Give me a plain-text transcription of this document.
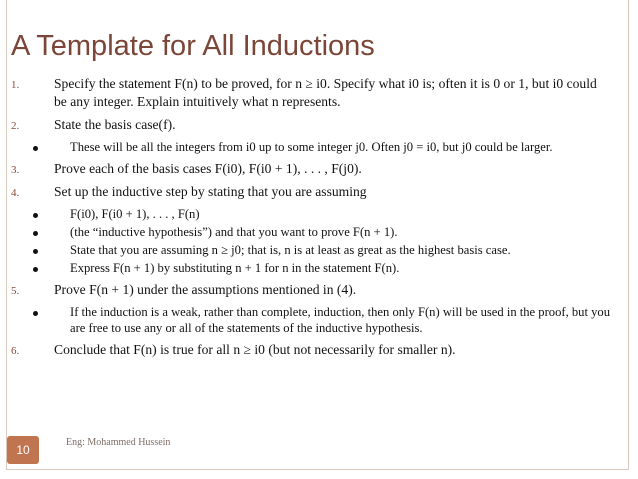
A Template for All Inductions
1.	Specify the statement F(n) to be proved, for n ≥ i0. Specify what i0 is; often it is 0 or 1, but i0 could be any integer. Explain intuitively what n represents.
2.	State the basis case(f).
These will be all the integers from i0 up to some integer j0. Often j0 = i0, but j0 could be larger.
3.	Prove each of the basis cases F(i0), F(i0 + 1), . . . , F(j0).
4.	Set up the inductive step by stating that you are assuming
F(i0), F(i0 + 1), . . . , F(n)
(the “inductive hypothesis”) and that you want to prove F(n + 1).
State that you are assuming n ≥ j0; that is, n is at least as great as the highest basis case.
Express F(n + 1) by substituting n + 1 for n in the statement F(n).
5.	Prove F(n + 1) under the assumptions mentioned in (4).
If the induction is a weak, rather than complete, induction, then only F(n) will be used in the proof, but you are free to use any or all of the statements of the inductive hypothesis.
6.	Conclude that F(n) is true for all n ≥ i0 (but not necessarily for smaller n).
10
Eng: Mohammed Hussein
